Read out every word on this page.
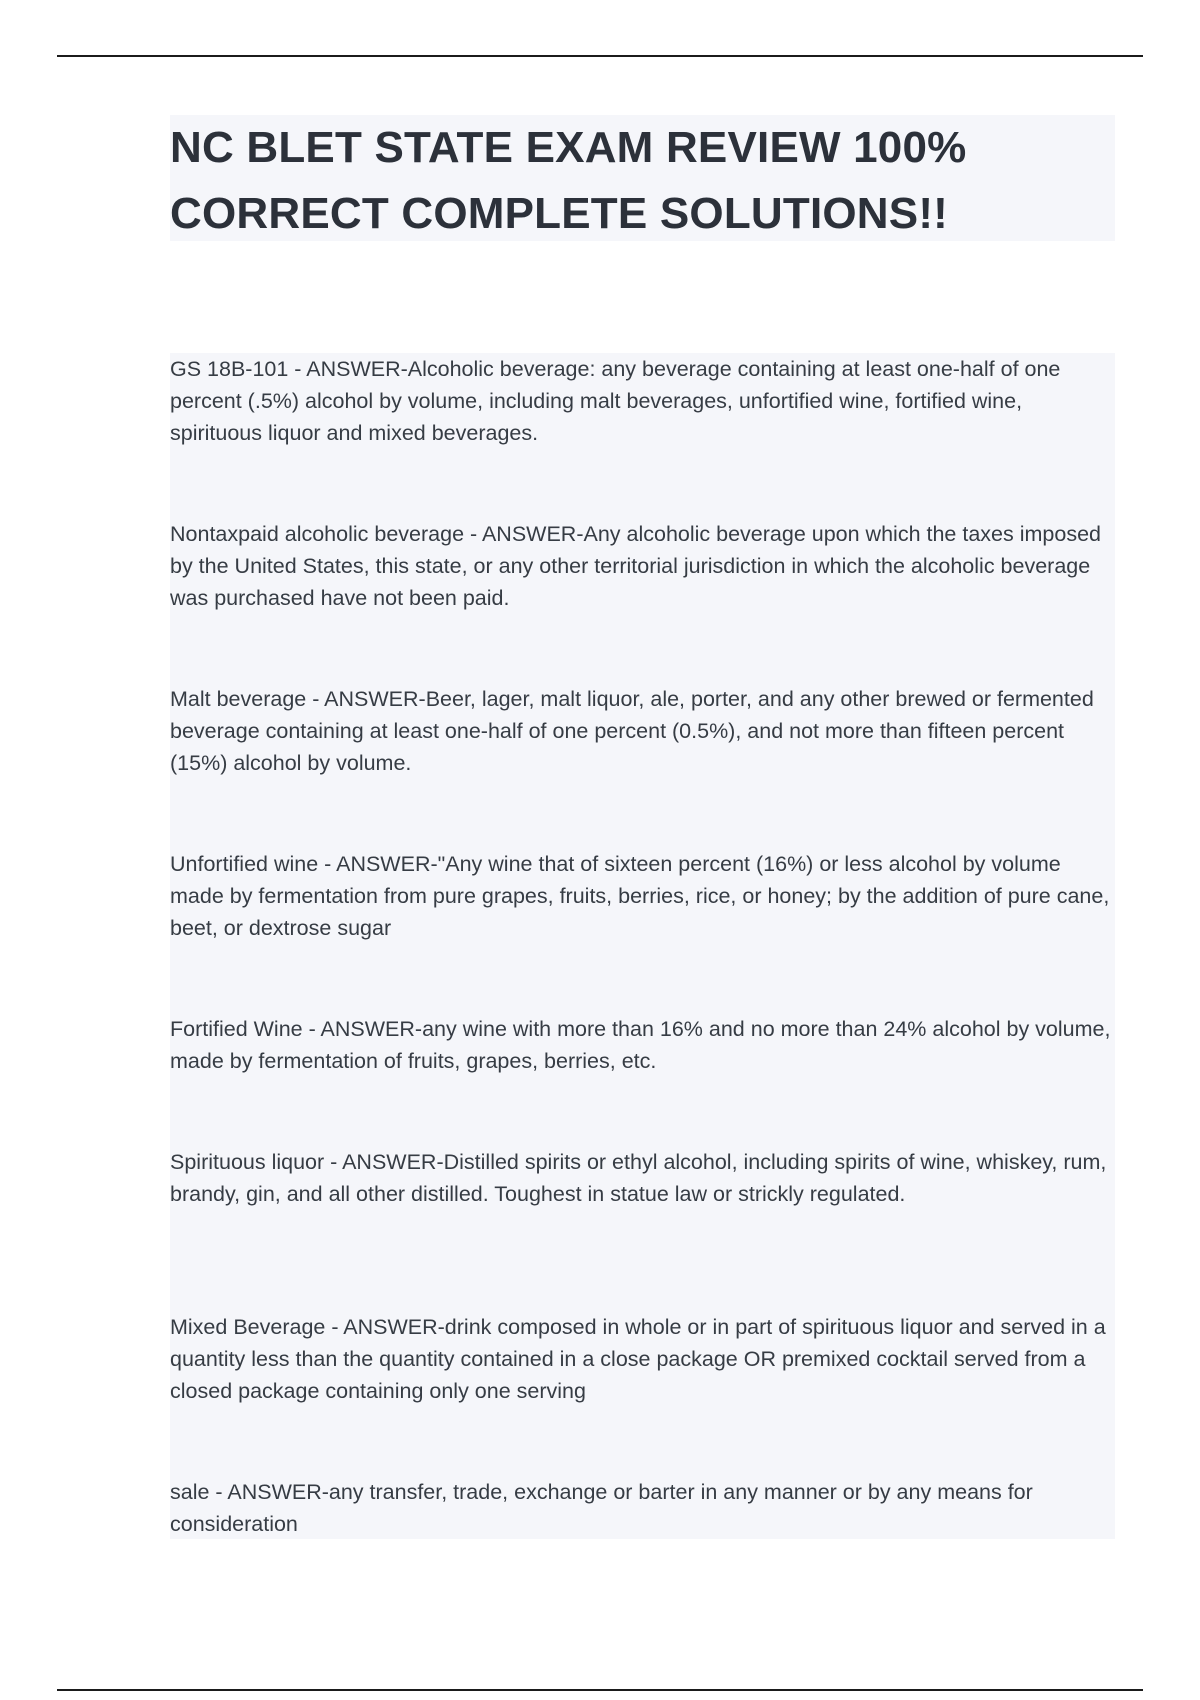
NC BLET STATE EXAM REVIEW 100% CORRECT COMPLETE SOLUTIONS!!

GS 18B-101 - ANSWER-Alcoholic beverage: any beverage containing at least one-half of one percent (.5%) alcohol by volume, including malt beverages, unfortified wine, fortified wine, spirituous liquor and mixed beverages.

Nontaxpaid alcoholic beverage - ANSWER-Any alcoholic beverage upon which the taxes imposed by the United States, this state, or any other territorial jurisdiction in which the alcoholic beverage was purchased have not been paid.

Malt beverage - ANSWER-Beer, lager, malt liquor, ale, porter, and any other brewed or fermented beverage containing at least one-half of one percent (0.5%), and not more than fifteen percent (15%) alcohol by volume.

Unfortified wine - ANSWER-"Any wine that of sixteen percent (16%) or less alcohol by volume made by fermentation from pure grapes, fruits, berries, rice, or honey; by the addition of pure cane, beet, or dextrose sugar

Fortified Wine - ANSWER-any wine with more than 16% and no more than 24% alcohol by volume, made by fermentation of fruits, grapes, berries, etc.

Spirituous liquor - ANSWER-Distilled spirits or ethyl alcohol, including spirits of wine, whiskey, rum, brandy, gin, and all other distilled. Toughest in statue law or strickly regulated.

Mixed Beverage - ANSWER-drink composed in whole or in part of spirituous liquor and served in a quantity less than the quantity contained in a close package OR premixed cocktail served from a closed package containing only one serving

sale - ANSWER-any transfer, trade, exchange or barter in any manner or by any means for consideration
